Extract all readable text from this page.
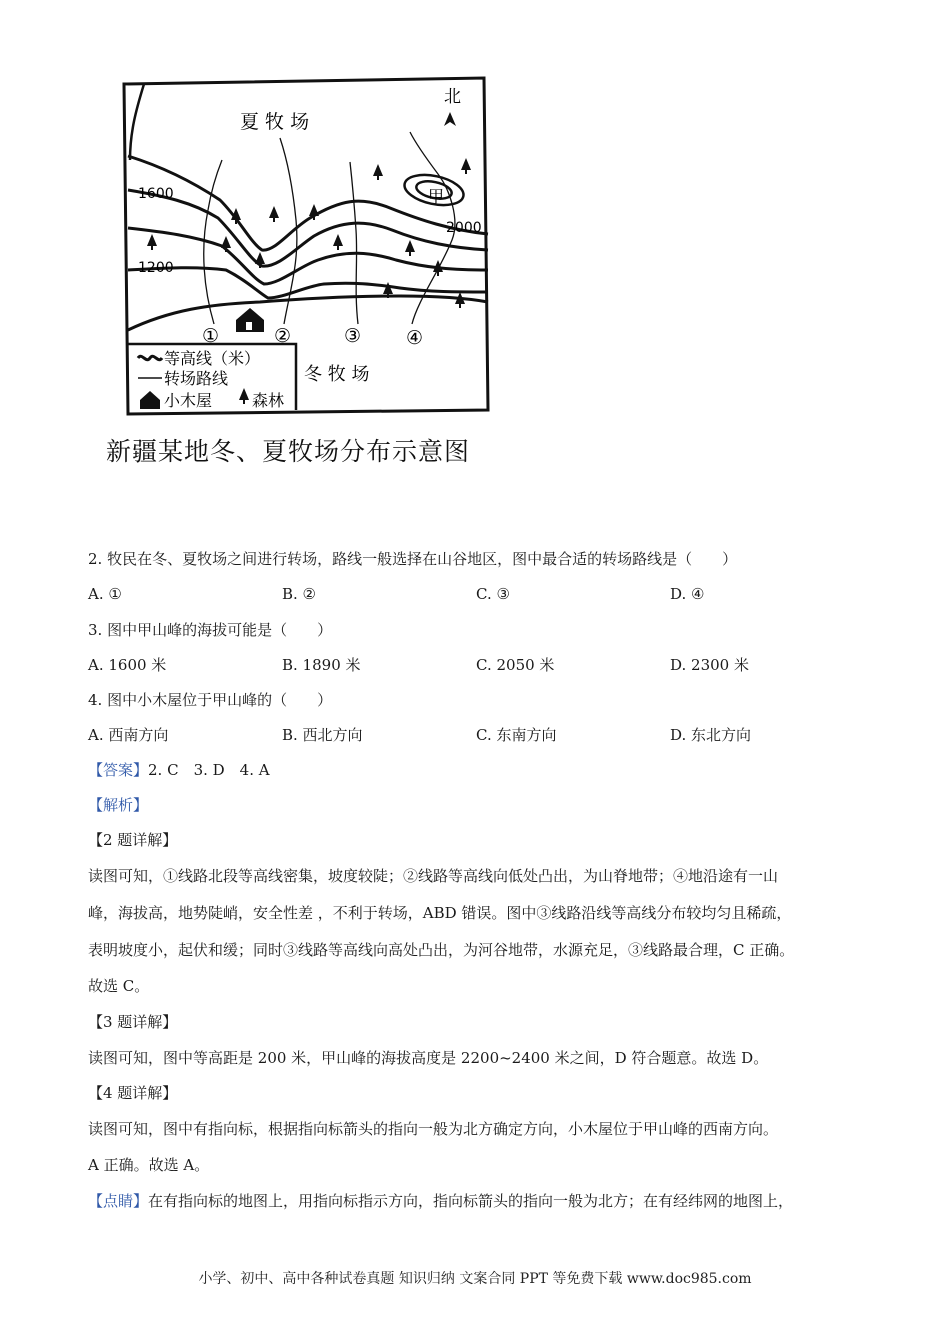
夏 牧 场
北
甲
1600
1200
2000
①	②	③ ④
等高线（米）
转场路线
小木屋 森林
冬 牧 场
新疆某地冬、夏牧场分布示意图
2. 牧民在冬、夏牧场之间进行转场，路线一般选择在山谷地区，图中最合适的转场路线是（　　）
A. ①	B. ②	C. ③	D. ④
3. 图中甲山峰的海拔可能是（　　）
A. 1600 米	B. 1890 米	C. 2050 米	D. 2300 米
4. 图中小木屋位于甲山峰的（　　）
A. 西南方向	B. 西北方向	C. 东南方向	D. 东北方向
【答案】2. C　3. D　4. A
【解析】
【2 题详解】
读图可知，①线路北段等高线密集，坡度较陡；②线路等高线向低处凸出，为山脊地带；④地沿途有一山
峰，海拔高，地势陡峭，安全性差 ，不利于转场，ABD 错误。图中③线路沿线等高线分布较均匀且稀疏，
表明坡度小，起伏和缓；同时③线路等高线向高处凸出，为河谷地带，水源充足，③线路最合理，C 正确。
故选 C。
【3 题详解】
读图可知，图中等高距是 200 米，甲山峰的海拔高度是 2200~2400 米之间，D 符合题意。故选 D。
【4 题详解】
读图可知，图中有指向标，根据指向标箭头的指向一般为北方确定方向，小木屋位于甲山峰的西南方向。
A 正确。故选 A。
【点睛】在有指向标的地图上，用指向标指示方向，指向标箭头的指向一般为北方；在有经纬网的地图上，
小学、初中、高中各种试卷真题 知识归纳 文案合同 PPT 等免费下载 www.doc985.com
